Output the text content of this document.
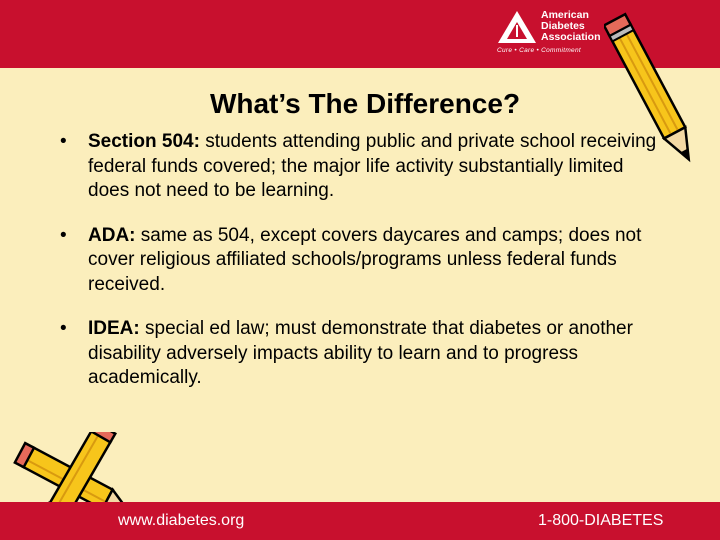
American
Diabetes
Association
Cure • Care • Commitment
What’s The Difference?
• Section 504: students attending public and private school receiving federal funds covered; the major life activity substantially limited does not need to be learning.
• ADA: same as 504, except covers daycares and camps; does not cover religious affiliated schools/programs unless federal funds received.
• IDEA: special ed law; must demonstrate that diabetes or another disability adversely impacts ability to learn and to progress academically.
www.diabetes.org	1-800-DIABETES
